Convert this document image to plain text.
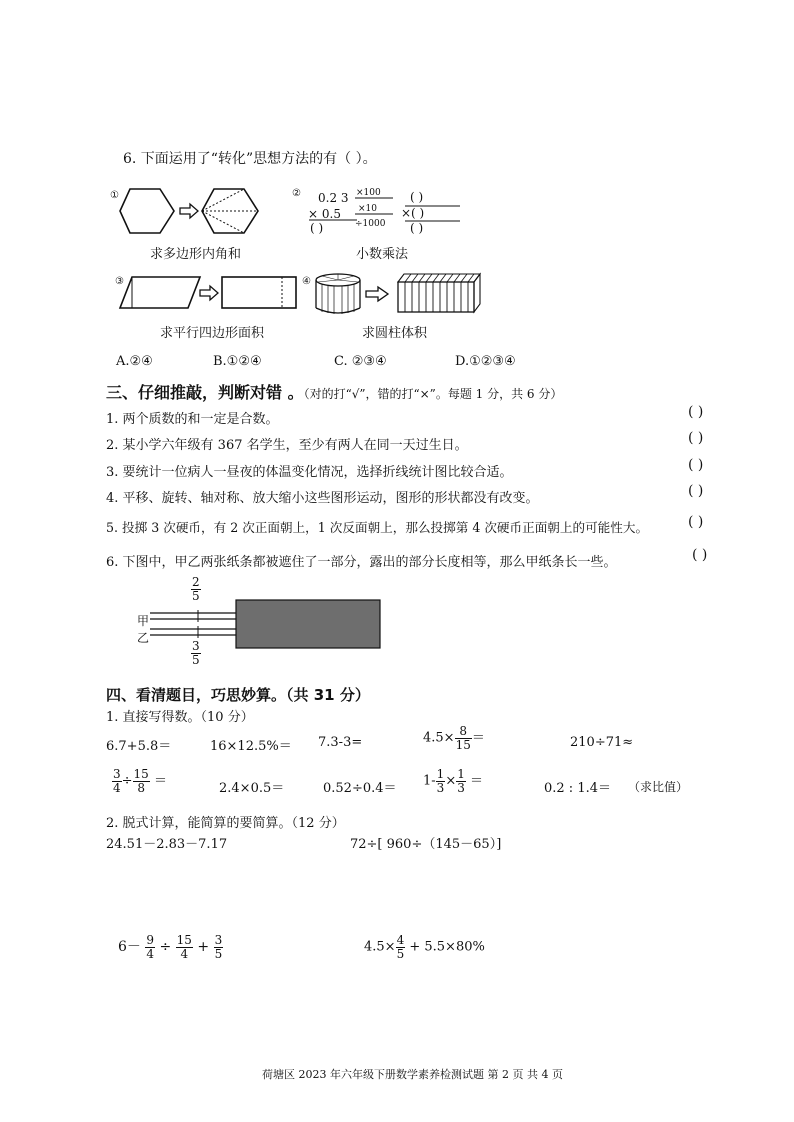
6. 下面运用了“转化”思想方法的有（ ）。
①
求多边形内角和
② 0.2 3 ×100 ( )
× 0.5 ×10 ×( )
( )	÷1000 ( )
小数乘法
③
求平行四边形面积
④
求圆柱体积
A.②④	B.①②④	C. ②③④	D.①②③④
三、仔细推敲，判断对错 。（对的打“√”，错的打“×”。每题 1 分，共 6 分）
1. 两个质数的和一定是合数。	( )
2. 某小学六年级有 367 名学生，至少有两人在同一天过生日。	( )
3. 要统计一位病人一昼夜的体温变化情况，选择折线统计图比较合适。	( )
4. 平移、旋转、轴对称、放大缩小这些图形运动，图形的形状都没有改变。	( )
5. 投掷 3 次硬币，有 2 次正面朝上，1 次反面朝上，那么投掷第 4 次硬币正面朝上的可能性大。	( )
6. 下图中，甲乙两张纸条都被遮住了一部分，露出的部分长度相等，那么甲纸条长一些。	( )
甲
乙
$\frac{2}{5}$
$\frac{3}{5}$
四、看清题目，巧思妙算。（共 31 分）
1. 直接写得数。（10 分）
6.7+5.8＝	16×12.5%＝ 7.3-3=	$4.5\times \frac{8}{15}$ ＝	210÷71≈
$\frac{3}{4} \div \frac{15}{8}$ ＝	2.4×0.5＝	$0.52\div 0.4= 1- \frac{1}{3} \times \frac{1}{3}$ ＝	0.2 : 1.4＝ （求比值）
2. 脱式计算，能简算的要简算。（12 分）
24.51－2.83－7.17	72÷[ 960÷（145－65）]
$6- \frac{9}{4} \div \frac{15}{4} + \frac{3}{5}$	$4.5\times \frac{4}{5} + 5.5\times 80\%$
荷塘区 2023 年六年级下册数学素养检测试题 第 2 页 共 4 页
